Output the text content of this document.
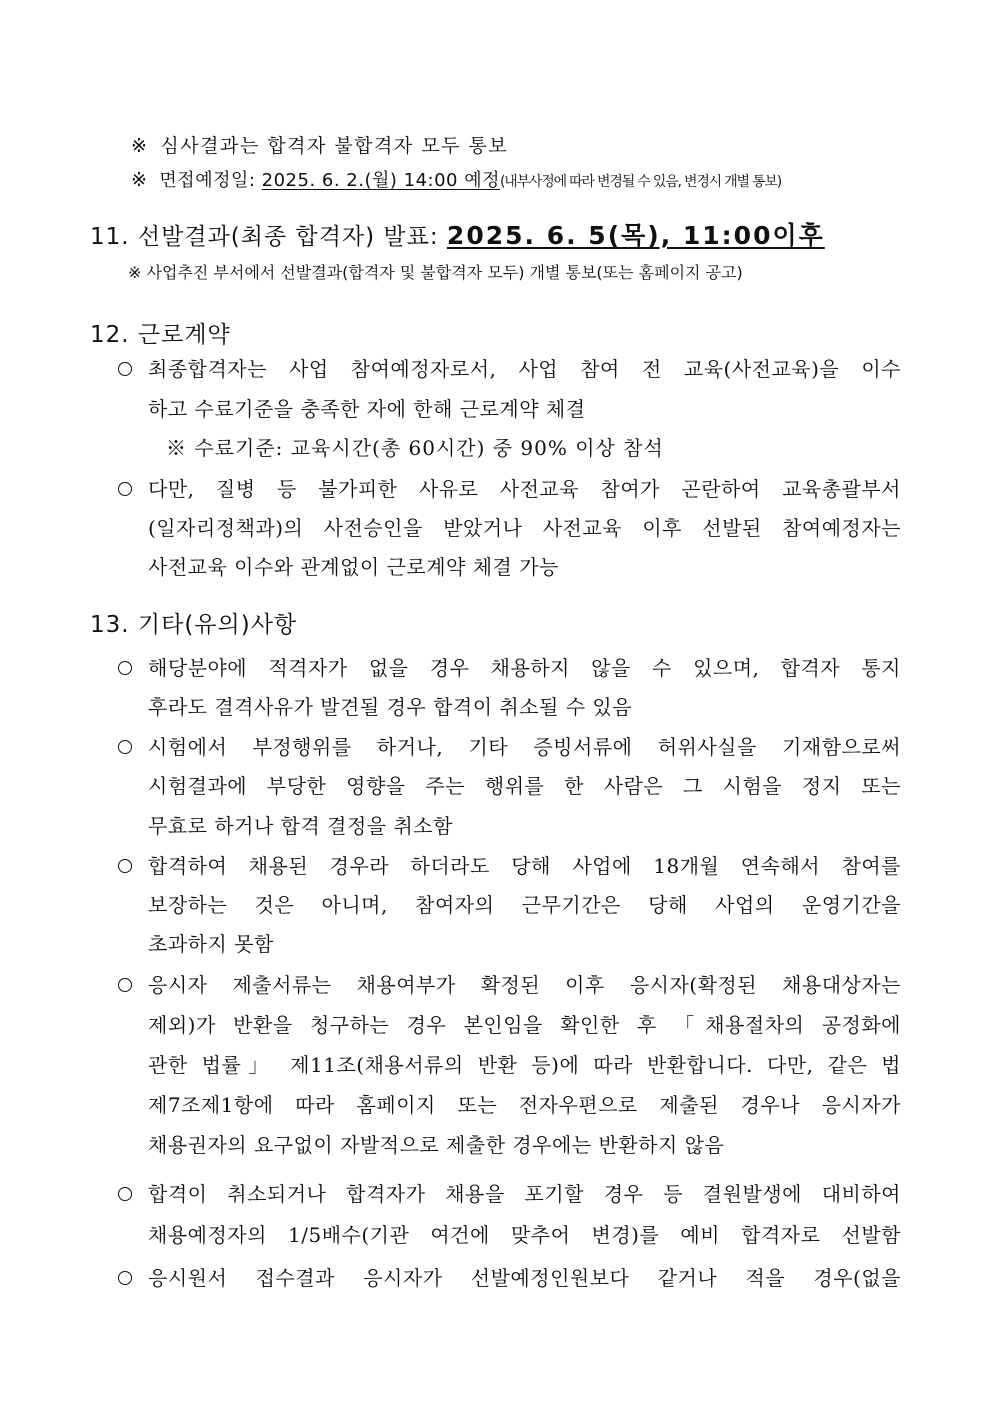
※ 심사결과는 합격자 불합격자 모두 통보
※ 면접예정일: 2025. 6. 2.(월) 14:00 예정(내부사정에 따라 변경될 수 있음, 변경시 개별 통보)
11. 선발결과(최종 합격자) 발표: 2025. 6. 5(목), 11:00이후
※ 사업추진 부서에서 선발결과(합격자 및 불합격자 모두) 개별 통보(또는 홈페이지 공고)
12. 근로계약
최종합격자는 사업 참여예정자로서, 사업 참여 전 교육(사전교육)을 이수
하고 수료기준을 충족한 자에 한해 근로계약 체결
※ 수료기준: 교육시간(총 60시간) 중 90% 이상 참석
다만, 질병 등 불가피한 사유로 사전교육 참여가 곤란하여 교육총괄부서
(일자리정책과)의 사전승인을 받았거나 사전교육 이후 선발된 참여예정자는
사전교육 이수와 관계없이 근로계약 체결 가능
13. 기타(유의)사항
해당분야에 적격자가 없을 경우 채용하지 않을 수 있으며, 합격자 통지
후라도 결격사유가 발견될 경우 합격이 취소될 수 있음
시험에서 부정행위를 하거나, 기타 증빙서류에 허위사실을 기재함으로써
시험결과에 부당한 영향을 주는 행위를 한 사람은 그 시험을 정지 또는
무효로 하거나 합격 결정을 취소함
합격하여 채용된 경우라 하더라도 당해 사업에 18개월 연속해서 참여를
보장하는 것은 아니며, 참여자의 근무기간은 당해 사업의 운영기간을
초과하지 못함
응시자 제출서류는 채용여부가 확정된 이후 응시자(확정된 채용대상자는
제외)가 반환을 청구하는 경우 본인임을 확인한 후 「채용절차의 공정화에
관한 법률」 제11조(채용서류의 반환 등)에 따라 반환합니다. 다만, 같은 법
제7조제1항에 따라 홈페이지 또는 전자우편으로 제출된 경우나 응시자가
채용권자의 요구없이 자발적으로 제출한 경우에는 반환하지 않음
합격이 취소되거나 합격자가 채용을 포기할 경우 등 결원발생에 대비하여
채용예정자의 1/5배수(기관 여건에 맞추어 변경)를 예비 합격자로 선발함
응시원서 접수결과 응시자가 선발예정인원보다 같거나 적을 경우(없을
